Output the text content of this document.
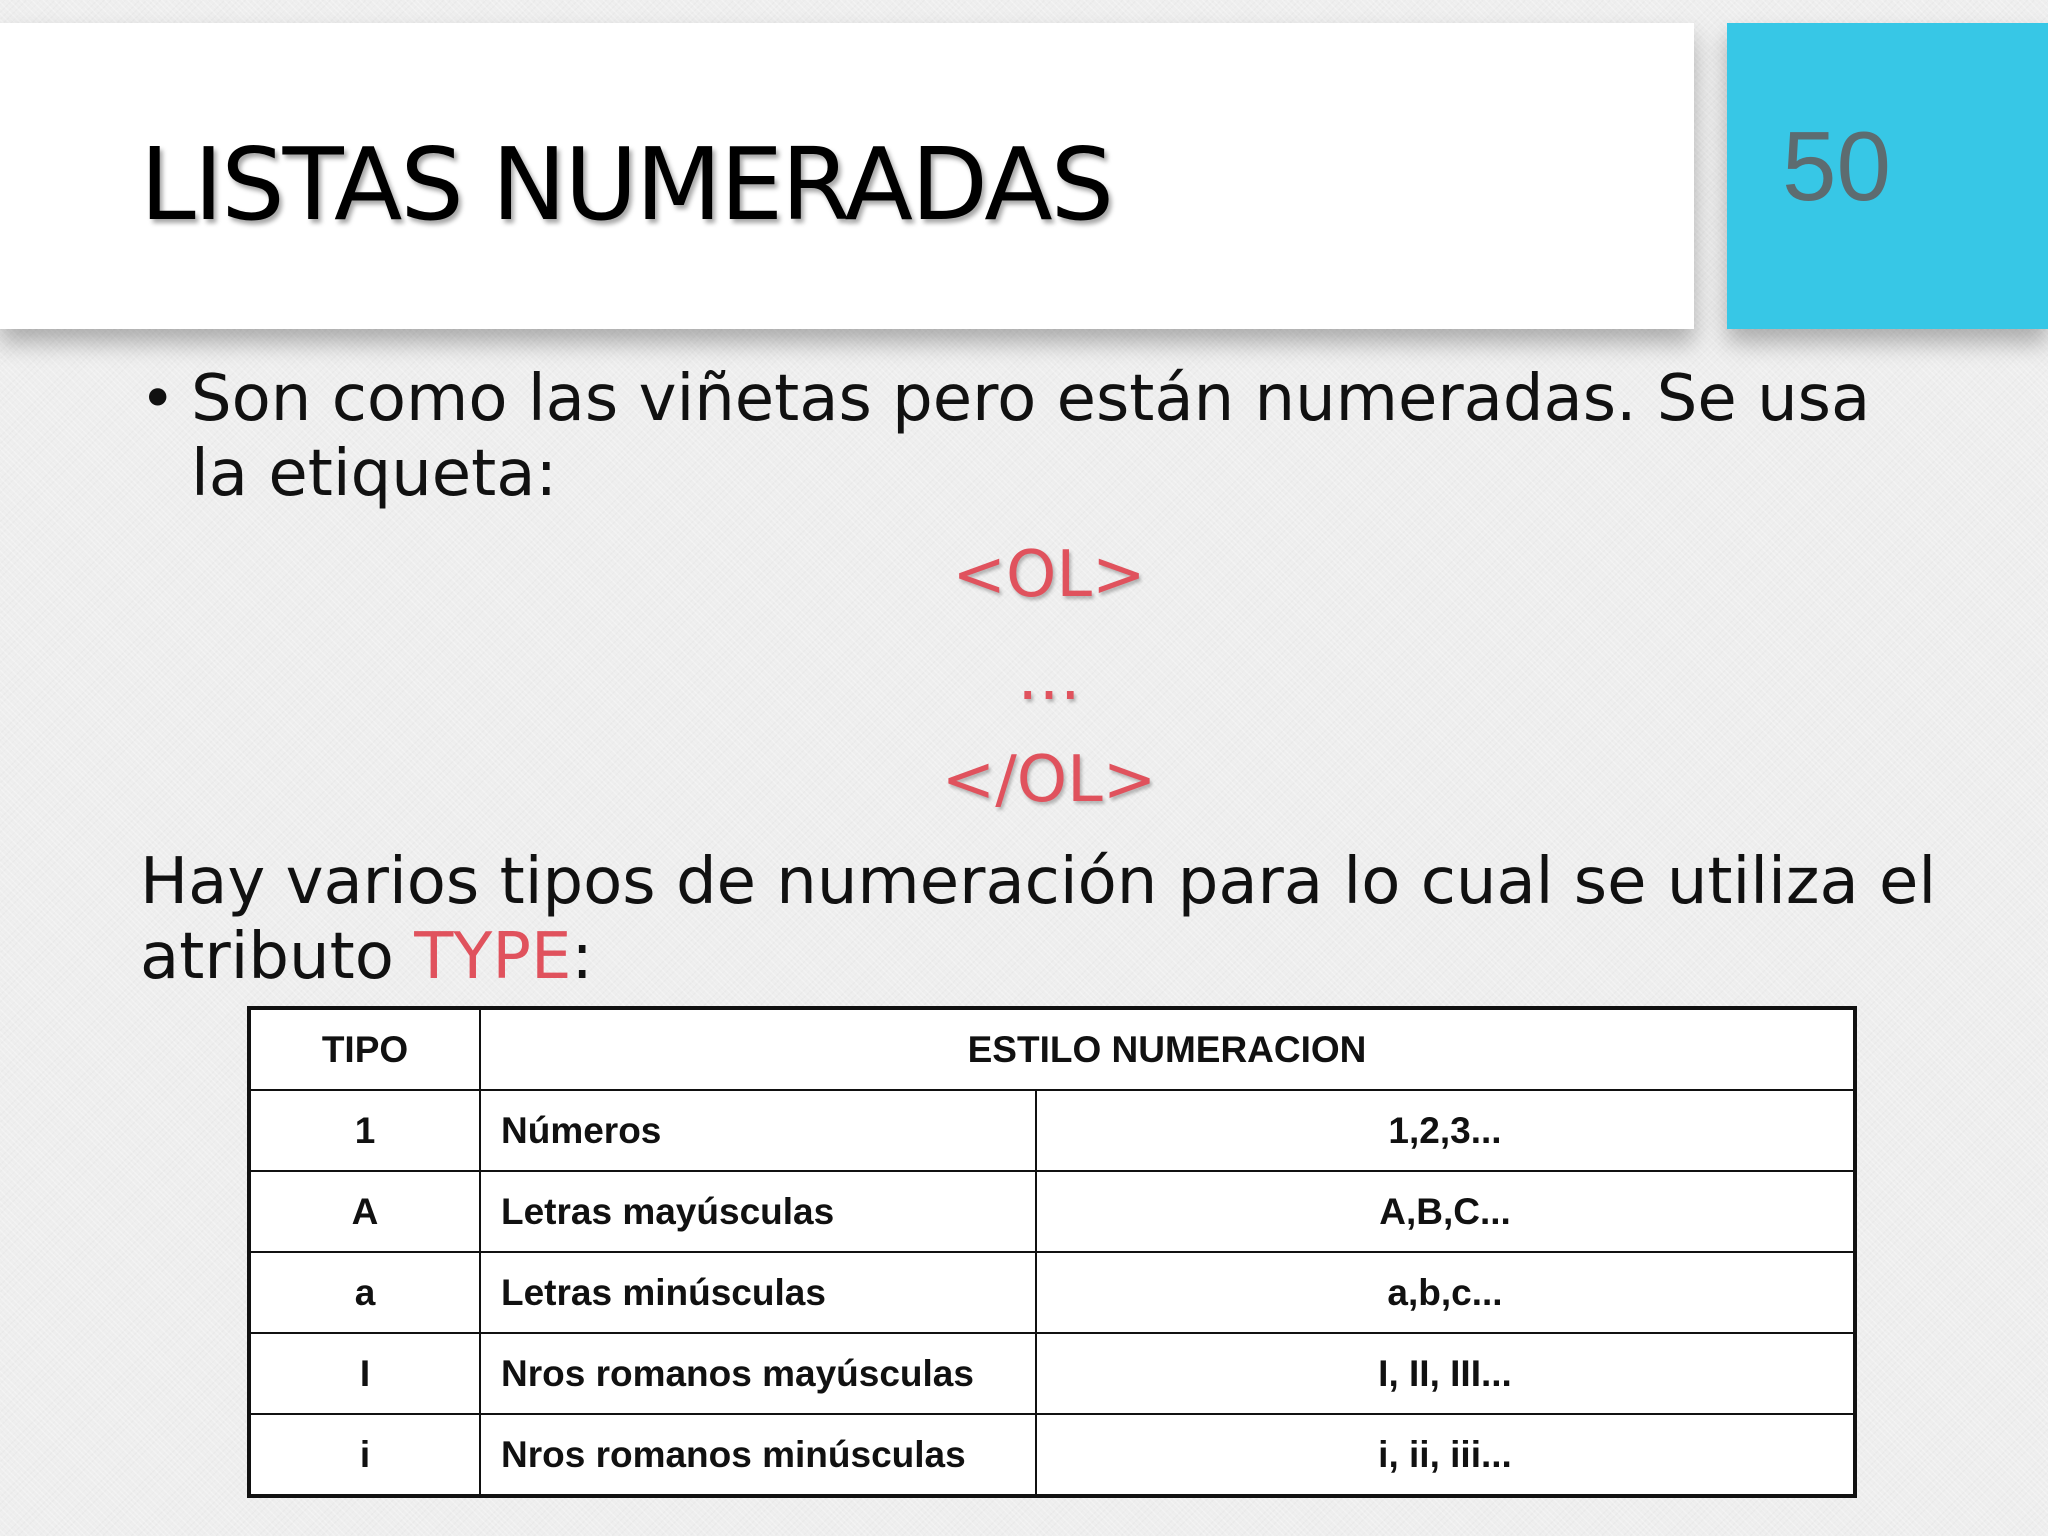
LISTAS NUMERADAS	50
• Son como las viñetas pero están numeradas. Se usa la etiqueta:

<OL>
…
</OL>

Hay varios tipos de numeración para lo cual se utiliza el atributo TYPE:

TIPO	ESTILO NUMERACION	
1	Números	1,2,3...
A	Letras mayúsculas	A,B,C...
a	Letras minúsculas	a,b,c...
I	Nros romanos mayúsculas	I, II, III...
i	Nros romanos minúsculas	i, ii, iii...
